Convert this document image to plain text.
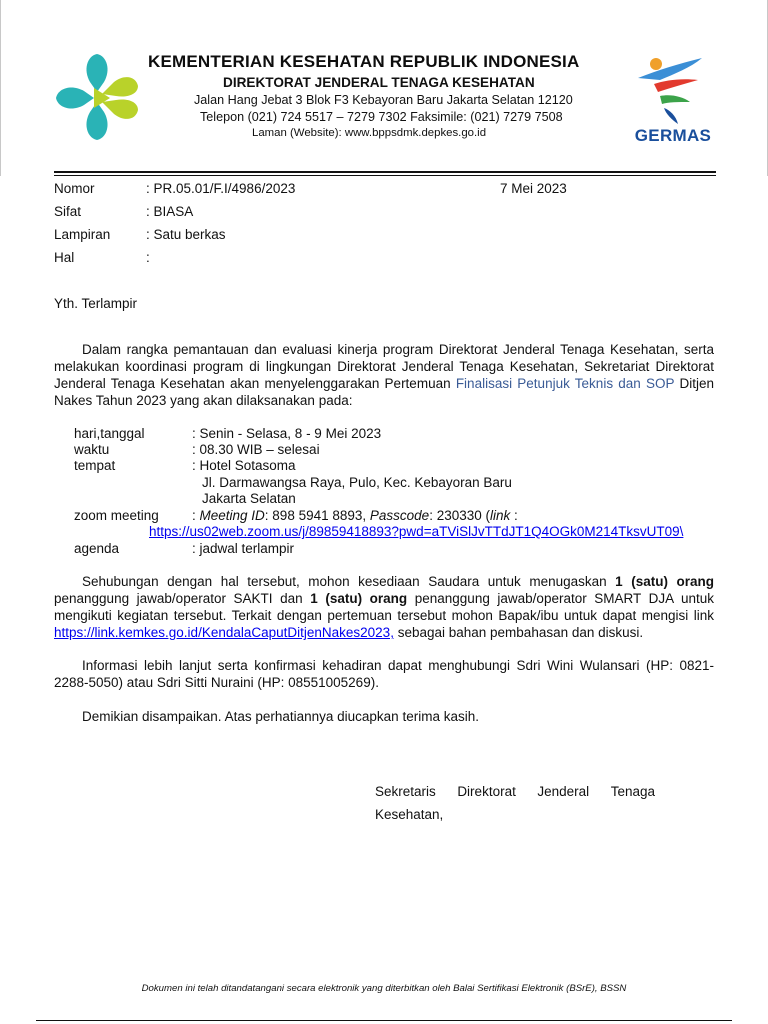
KEMENTERIAN KESEHATAN REPUBLIK INDONESIA
DIREKTORAT JENDERAL TENAGA KESEHATAN
Jalan Hang Jebat 3 Blok F3 Kebayoran Baru Jakarta Selatan 12120
Telepon (021) 724 5517 – 7279 7302 Faksimile: (021) 7279 7508
Laman (Website): www.bppsdmk.depkes.go.id	GERMAS
Nomor	: PR.05.01/F.I/4986/2023	7 Mei 2023
Sifat	: BIASA
Lampiran	: Satu berkas
Hal	:
Yth. Terlampir

Dalam rangka pemantauan dan evaluasi kinerja program Direktorat Jenderal Tenaga Kesehatan, serta melakukan koordinasi program di lingkungan Direktorat Jenderal Tenaga Kesehatan, Sekretariat Direktorat Jenderal Tenaga Kesehatan akan menyelenggarakan Pertemuan Finalisasi Petunjuk Teknis dan SOP Ditjen Nakes Tahun 2023 yang akan dilaksanakan pada:

hari,tanggal	: Senin - Selasa, 8 - 9 Mei 2023
waktu	: 08.30 WIB – selesai
tempat	: Hotel Sotasoma
Jl. Darmawangsa Raya, Pulo, Kec. Kebayoran Baru
Jakarta Selatan
zoom meeting : Meeting ID: 898 5941 8893, Passcode: 230330 (link :
https://us02web.zoom.us/j/89859418893?pwd=aTViSlJvTTdJT1Q4OGk0M214TksvUT09\
agenda	: jadwal terlampir

Sehubungan dengan hal tersebut, mohon kesediaan Saudara untuk menugaskan 1 (satu) orang penanggung jawab/operator SAKTI dan 1 (satu) orang penanggung jawab/operator SMART DJA untuk mengikuti kegiatan tersebut. Terkait dengan pertemuan tersebut mohon Bapak/ibu untuk dapat mengisi link https://link.kemkes.go.id/KendalaCaputDitjenNakes2023, sebagai bahan pembahasan dan diskusi.

Informasi lebih lanjut serta konfirmasi kehadiran dapat menghubungi Sdri Wini Wulansari (HP: 0821-2288-5050) atau Sdri Sitti Nuraini (HP: 08551005269).

Demikian disampaikan. Atas perhatiannya diucapkan terima kasih.

Sekretaris Direktorat Jenderal Tenaga
Kesehatan,
Dokumen ini telah ditandatangani secara elektronik yang diterbitkan oleh Balai Sertifikasi Elektronik (BSrE), BSSN
